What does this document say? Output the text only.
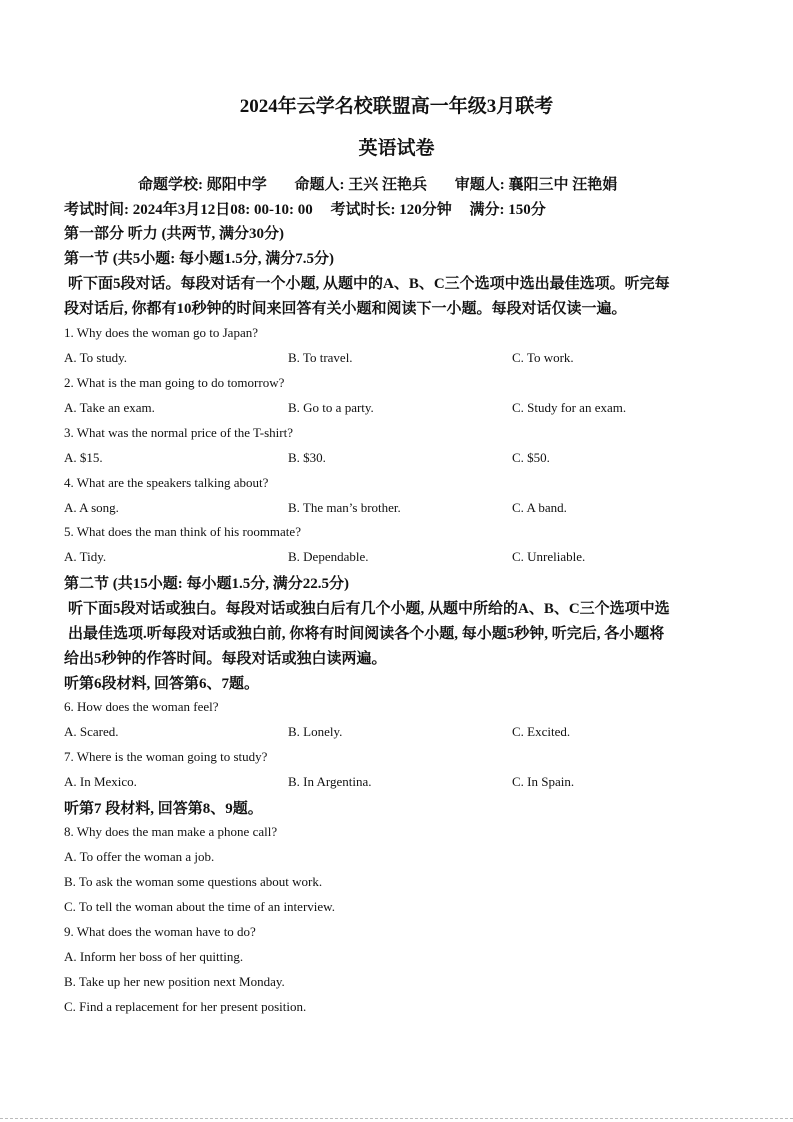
2024年云学名校联盟高一年级3月联考
英语试卷
命题学校: 郧阳中学 命题人: 王兴 汪艳兵 审题人: 襄阳三中 汪艳娟
考试时间: 2024年3月12日08: 00-10: 00 考试时长: 120分钟 满分: 150分
第一部分 听力 (共两节, 满分30分)
第一节 (共5小题: 每小题1.5分, 满分7.5分)
听下面5段对话。每段对话有一个小题, 从题中的A、B、C三个选项中选出最佳选项。听完每
段对话后, 你都有10秒钟的时间来回答有关小题和阅读下一小题。每段对话仅读一遍。
1. Why does the woman go to Japan?
A. To study.	B. To travel.	C. To work.
2. What is the man going to do tomorrow?
A. Take an exam.	B. Go to a party.	C. Study for an exam.
3. What was the normal price of the T-shirt?
A. $15.	B. $30.	C. $50.
4. What are the speakers talking about?
A. A song.	B. The man’s brother.	C. A band.
5. What does the man think of his roommate?
A. Tidy.	B. Dependable.	C. Unreliable.
第二节 (共15小题: 每小题1.5分, 满分22.5分)
听下面5段对话或独白。每段对话或独白后有几个小题, 从题中所给的A、B、C三个选项中选
出最佳选项.听每段对话或独白前, 你将有时间阅读各个小题, 每小题5秒钟, 听完后, 各小题将
给出5秒钟的作答时间。每段对话或独白读两遍。
听第6段材料, 回答第6、7题。
6. How does the woman feel?
A. Scared.	B. Lonely.	C. Excited.
7. Where is the woman going to study?
A. In Mexico.	B. In Argentina.	C. In Spain.
听第7 段材料, 回答第8、9题。
8. Why does the man make a phone call?
A. To offer the woman a job.
B. To ask the woman some questions about work.
C. To tell the woman about the time of an interview.
9. What does the woman have to do?
A. Inform her boss of her quitting.
B. Take up her new position next Monday.
C. Find a replacement for her present position.
